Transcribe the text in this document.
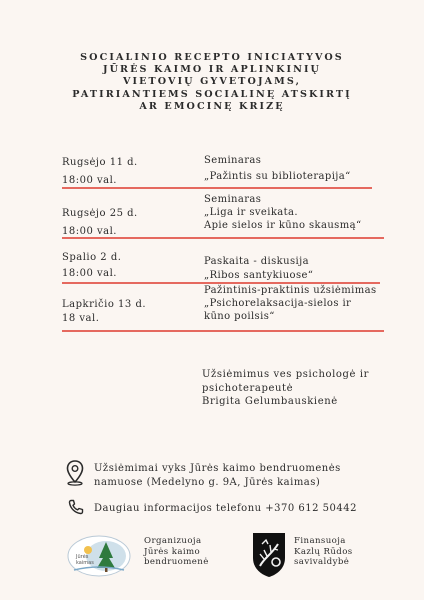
SOCIALINIO RECEPTO INICIATYVOS
JŪRĖS KAIMO IR APLINKINIŲ
VIETOVIŲ GYVETOJAMS,
PATIRIANTIEMS SOCIALINĘ ATSKIRTĮ
AR EMOCINĘ KRIZĘ
Rugsėjo 11 d.
18:00 val.
Seminaras
„Pažintis su biblioterapija“
Rugsėjo 25 d.
18:00 val.
Seminaras
„Liga ir sveikata.
Apie sielos ir kūno skausmą“
Spalio 2 d.
18:00 val.
Paskaita - diskusija
„Ribos santykiuose“
Lapkričio 13 d.
18 val.
Pažintinis-praktinis užsiėmimas
„Psichorelaksacija-sielos ir
kūno poilsis“
Užsiėmimus ves psichologė ir
psichoterapeutė
Brigita Gelumbauskienė
Užsiėmimai vyks Jūrės kaimo bendruomenės
namuose (Medelyno g. 9A, Jūrės kaimas)
Daugiau informacijos telefonu +370 612 50442
Jūrės
kaimas
Organizuoja
Jūrės kaimo
bendruomenė
Finansuoja
Kazlų Rūdos
savivaldybė
